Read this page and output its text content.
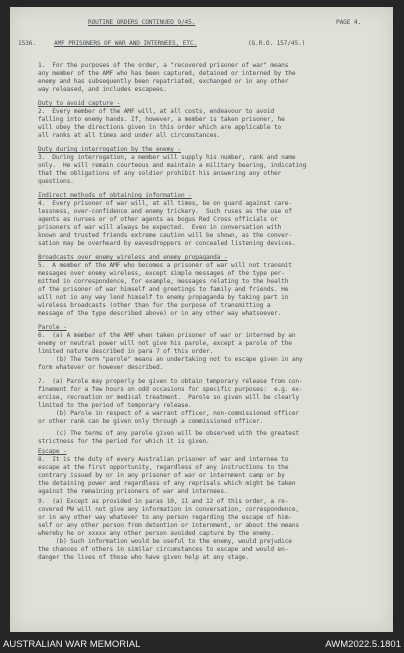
ROUTINE ORDERS CONTINUED 9/45.	PAGE 4.
1536.	AMF PRISONERS OF WAR AND INTERNEES, ETC.	(G.R.O. 157/45.)
1.  For the purposes of the order, a "recovered prisoner of war" means
any member of the AMF who has been captured, detained or interned by the
enemy and has subsequently been repatriated, exchanged or in any other
way released, and includes escapees.
Duty to avoid capture -
2.  Every member of the AMF will, at all costs, endeavour to avoid
falling into enemy hands. If, however, a member is taken prisoner, he
will obey the directions given in this order which are applicable to
all ranks at all times and under all circumstances.
Duty during interrogation by the enemy -
3.  During interrogation, a member will supply his number, rank and name
only.  He will remain courteous and maintain a military bearing, indicating
that the obligations of any soldier prohibit his answering any other
questions.
Indirect methods of obtaining information -
4.  Every prisoner of war will, at all times, be on guard against care-
lessness, over-confidence and enemy trickery.  Such ruses as the use of
agents as nurses or of other agents as bogus Red Cross officials or
prisoners of war will always be expected.  Even in conversation with
known and trusted friends extreme caution will be shown, as the conver-
sation may be overheard by eavesdroppers or concealed listening devices.
Broadcasts over enemy wireless and enemy propaganda -
5.  A member of the AMF who becomes a prisoner of war will not transmit
messages over enemy wireless, except simple messages of the type per-
mitted in correspondence, for example, messages relating to the health
of the prisoner of war himself and greetings to family and friends. He
will not in any way lend himself to enemy propaganda by taking part in
wireless broadcasts (other than for the purpose of transmitting a
message of the type described above) or in any other way whatsoever.
Parole -
6.  (a) A member of the AMF when taken prisoner of war or interned by an
enemy or neutral power will not give his parole, except a parole of the
limited nature described in para 7 of this order.
(b) The term "parole" means an undertaking not to escape given in any
form whatever or however described.
7.  (a) Parole may properly be given to obtain temporary release from con-
finement for a few hours on odd occasions for specific purposes:  e.g. ex-
ercise, recreation or medical treatment.  Parole so given will be clearly
limited to the period of temporary release.
(b) Parole in respect of a warrant officer, non-commissioned officer
or other rank can be given only through a commissioned officer.
(c) The terms of any parole given will be observed with the greatest
strictness for the period for which it is given.
Escape -
8.  It is the duty of every Australian prisoner of war and internee to
escape at the first opportunity, regardless of any instructions to the
contrary issued by or in any prisoner of war or internment camp or by
the detaining power and regardless of any reprisals which might be taken
against the remaining prisoners of war and internees.
9.  (a) Except as provided in paras 10, 11 and 12 of this order, a re-
covered PW will not give any information in conversation, correspondence,
or in any other way whatever to any person regarding the escape of him-
self or any other person from detention or internment, or about the means
whereby he or xxxxx any other person avoided capture by the enemy.
(b) Such information would be useful to the enemy, would prejudice
the chances of others in similar circumstances to escape and would en-
danger the lives of those who have given help at any stage.
AUSTRALIAN WAR MEMORIAL	AWM2022.5.1801
